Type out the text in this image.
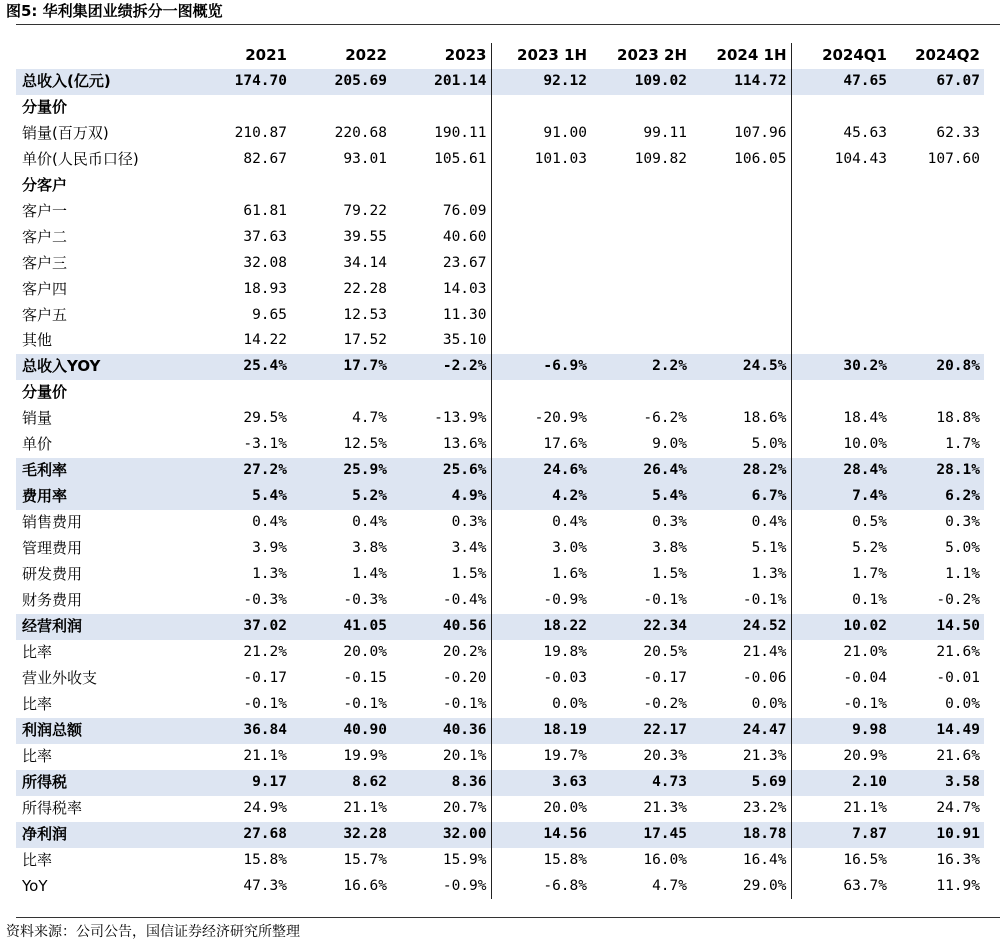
图5: 华利集团业绩拆分一图概览
	2021	2022	2023	2023 1H	2023 2H	2024 1H	2024Q1	2024Q2
总收入(亿元)	174.70	205.69	201.14	92.12	109.02	114.72	47.65	67.07
分量价								
销量(百万双)	210.87	220.68	190.11	91.00	99.11	107.96	45.63	62.33
单价(人民币口径)	82.67	93.01	105.61	101.03	109.82	106.05	104.43	107.60
分客户								
客户一	61.81	79.22	76.09					
客户二	37.63	39.55	40.60					
客户三	32.08	34.14	23.67					
客户四	18.93	22.28	14.03					
客户五	9.65	12.53	11.30					
其他	14.22	17.52	35.10					
总收入YOY	25.4%	17.7%	-2.2%	-6.9%	2.2%	24.5%	30.2%	20.8%
分量价								
销量	29.5%	4.7%	-13.9%	-20.9%	-6.2%	18.6%	18.4%	18.8%
单价	-3.1%	12.5%	13.6%	17.6%	9.0%	5.0%	10.0%	1.7%
毛利率	27.2%	25.9%	25.6%	24.6%	26.4%	28.2%	28.4%	28.1%
费用率	5.4%	5.2%	4.9%	4.2%	5.4%	6.7%	7.4%	6.2%
销售费用	0.4%	0.4%	0.3%	0.4%	0.3%	0.4%	0.5%	0.3%
管理费用	3.9%	3.8%	3.4%	3.0%	3.8%	5.1%	5.2%	5.0%
研发费用	1.3%	1.4%	1.5%	1.6%	1.5%	1.3%	1.7%	1.1%
财务费用	-0.3%	-0.3%	-0.4%	-0.9%	-0.1%	-0.1%	0.1%	-0.2%
经营利润	37.02	41.05	40.56	18.22	22.34	24.52	10.02	14.50
比率	21.2%	20.0%	20.2%	19.8%	20.5%	21.4%	21.0%	21.6%
营业外收支	-0.17	-0.15	-0.20	-0.03	-0.17	-0.06	-0.04	-0.01
比率	-0.1%	-0.1%	-0.1%	0.0%	-0.2%	0.0%	-0.1%	0.0%
利润总额	36.84	40.90	40.36	18.19	22.17	24.47	9.98	14.49
比率	21.1%	19.9%	20.1%	19.7%	20.3%	21.3%	20.9%	21.6%
所得税	9.17	8.62	8.36	3.63	4.73	5.69	2.10	3.58
所得税率	24.9%	21.1%	20.7%	20.0%	21.3%	23.2%	21.1%	24.7%
净利润	27.68	32.28	32.00	14.56	17.45	18.78	7.87	10.91
比率	15.8%	15.7%	15.9%	15.8%	16.0%	16.4%	16.5%	16.3%
YoY	47.3%	16.6%	-0.9%	-6.8%	4.7%	29.0%	63.7%	11.9%
资料来源：公司公告，国信证券经济研究所整理
